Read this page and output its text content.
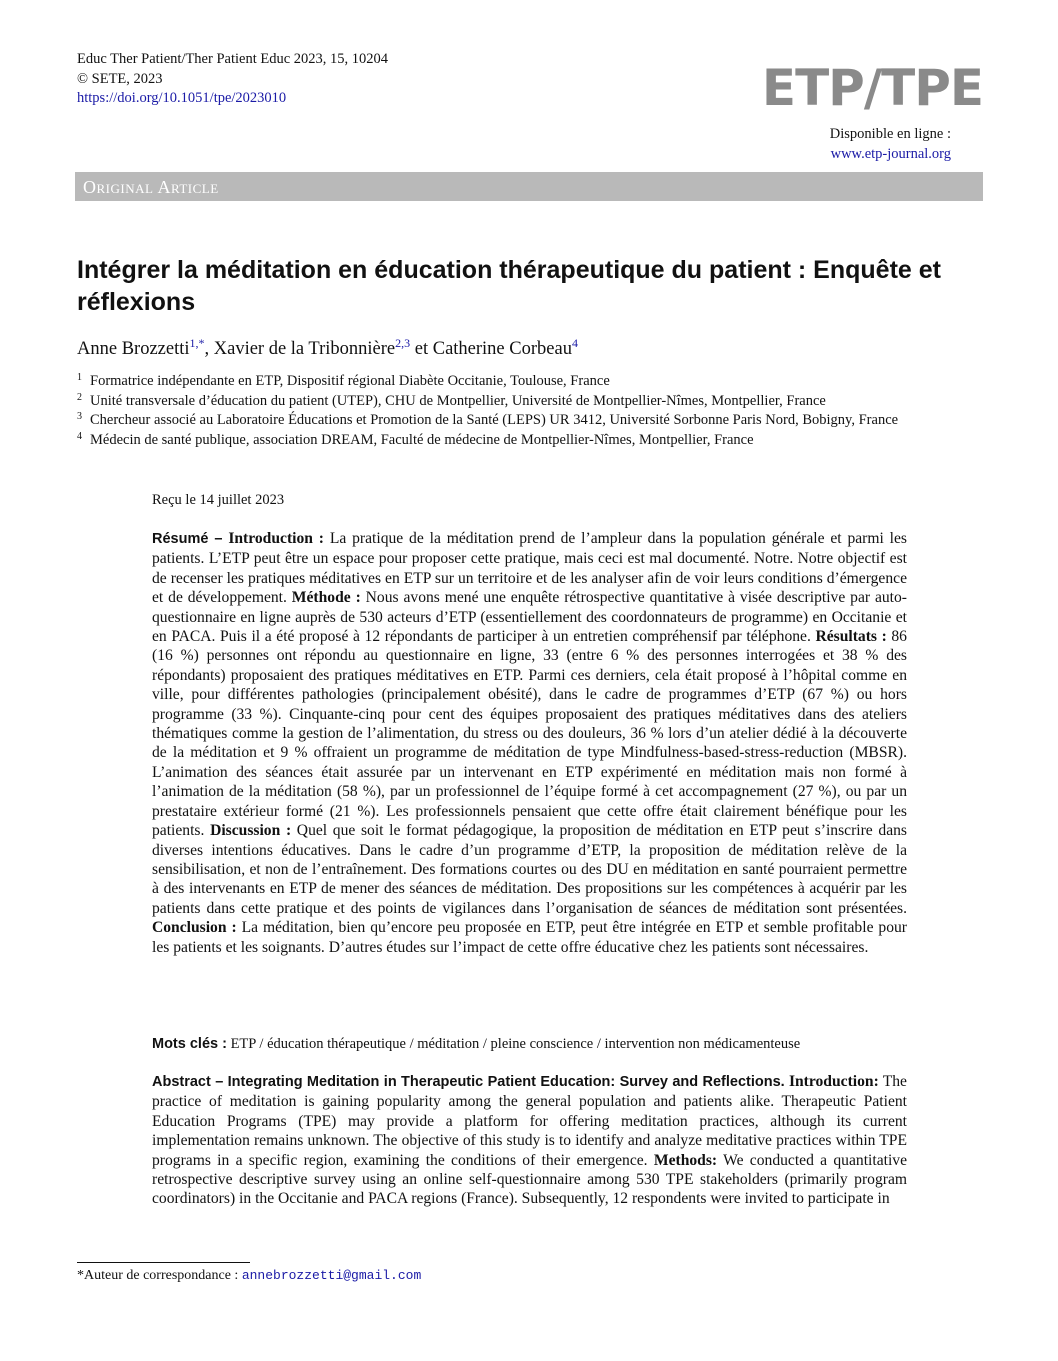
Educ Ther Patient/Ther Patient Educ 2023, 15, 10204
© SETE, 2023
https://doi.org/10.1051/tpe/2023010	ETP/TPE
Disponible en ligne :
www.etp-journal.org
Original Article
Intégrer la méditation en éducation thérapeutique du patient : Enquête et réflexions
Anne Brozzetti$^{1,*}$, Xavier de la Tribonnière$^{2,3}$ et Catherine Corbeau$^4$
1 Formatrice indépendante en ETP, Dispositif régional Diabète Occitanie, Toulouse, France
2 Unité transversale d’éducation du patient (UTEP), CHU de Montpellier, Université de Montpellier-Nîmes, Montpellier, France
3 Chercheur associé au Laboratoire Éducations et Promotion de la Santé (LEPS) UR 3412, Université Sorbonne Paris Nord, Bobigny, France
4 Médecin de santé publique, association DREAM, Faculté de médecine de Montpellier-Nîmes, Montpellier, France
Reçu le 14 juillet 2023
Résumé – Introduction : La pratique de la méditation prend de l’ampleur dans la population générale et parmi les patients. L’ETP peut être un espace pour proposer cette pratique, mais ceci est mal documenté. Notre. Notre objectif est de recenser les pratiques méditatives en ETP sur un territoire et de les analyser afin de voir leurs conditions d’émergence et de développement. Méthode : Nous avons mené une enquête rétrospective quantitative à visée descriptive par auto-questionnaire en ligne auprès de 530 acteurs d’ETP (essentiellement des coordonnateurs de programme) en Occitanie et en PACA. Puis il a été proposé à 12 répondants de participer à un entretien compréhensif par téléphone. Résultats : 86 (16 %) personnes ont répondu au questionnaire en ligne, 33 (entre 6 % des personnes interrogées et 38 % des répondants) proposaient des pratiques méditatives en ETP. Parmi ces derniers, cela était proposé à l’hôpital comme en ville, pour différentes pathologies (principalement obésité), dans le cadre de programmes d’ETP (67 %) ou hors programme (33 %). Cinquante-cinq pour cent des équipes proposaient des pratiques méditatives dans des ateliers thématiques comme la gestion de l’alimentation, du stress ou des douleurs, 36 % lors d’un atelier dédié à la découverte de la méditation et 9 % offraient un programme de méditation de type Mindfulness-based-stress-reduction (MBSR). L’animation des séances était assurée par un intervenant en ETP expérimenté en méditation mais non formé à l’animation de la méditation (58 %), par un professionnel de l’équipe formé à cet accompagnement (27 %), ou par un prestataire extérieur formé (21 %). Les professionnels pensaient que cette offre était clairement bénéfique pour les patients. Discussion : Quel que soit le format pédagogique, la proposition de méditation en ETP peut s’inscrire dans diverses intentions éducatives. Dans le cadre d’un programme d’ETP, la proposition de méditation relève de la sensibilisation, et non de l’entraînement. Des formations courtes ou des DU en méditation en santé pourraient permettre à des intervenants en ETP de mener des séances de méditation. Des propositions sur les compétences à acquérir par les patients dans cette pratique et des points de vigilances dans l’organisation de séances de méditation sont présentées. Conclusion : La méditation, bien qu’encore peu proposée en ETP, peut être intégrée en ETP et semble profitable pour les patients et les soignants. D’autres études sur l’impact de cette offre éducative chez les patients sont nécessaires.
Mots clés : ETP / éducation thérapeutique / méditation / pleine conscience / intervention non médicamenteuse
Abstract – Integrating Meditation in Therapeutic Patient Education: Survey and Reflections. Introduction: The practice of meditation is gaining popularity among the general population and patients alike. Therapeutic Patient Education Programs (TPE) may provide a platform for offering meditation practices, although its current implementation remains unknown. The objective of this study is to identify and analyze meditative practices within TPE programs in a specific region, examining the conditions of their emergence. Methods: We conducted a quantitative retrospective descriptive survey using an online self-questionnaire among 530 TPE stakeholders (primarily program coordinators) in the Occitanie and PACA regions (France). Subsequently, 12 respondents were invited to participate in
*Auteur de correspondance : annebrozzetti@gmail.com
